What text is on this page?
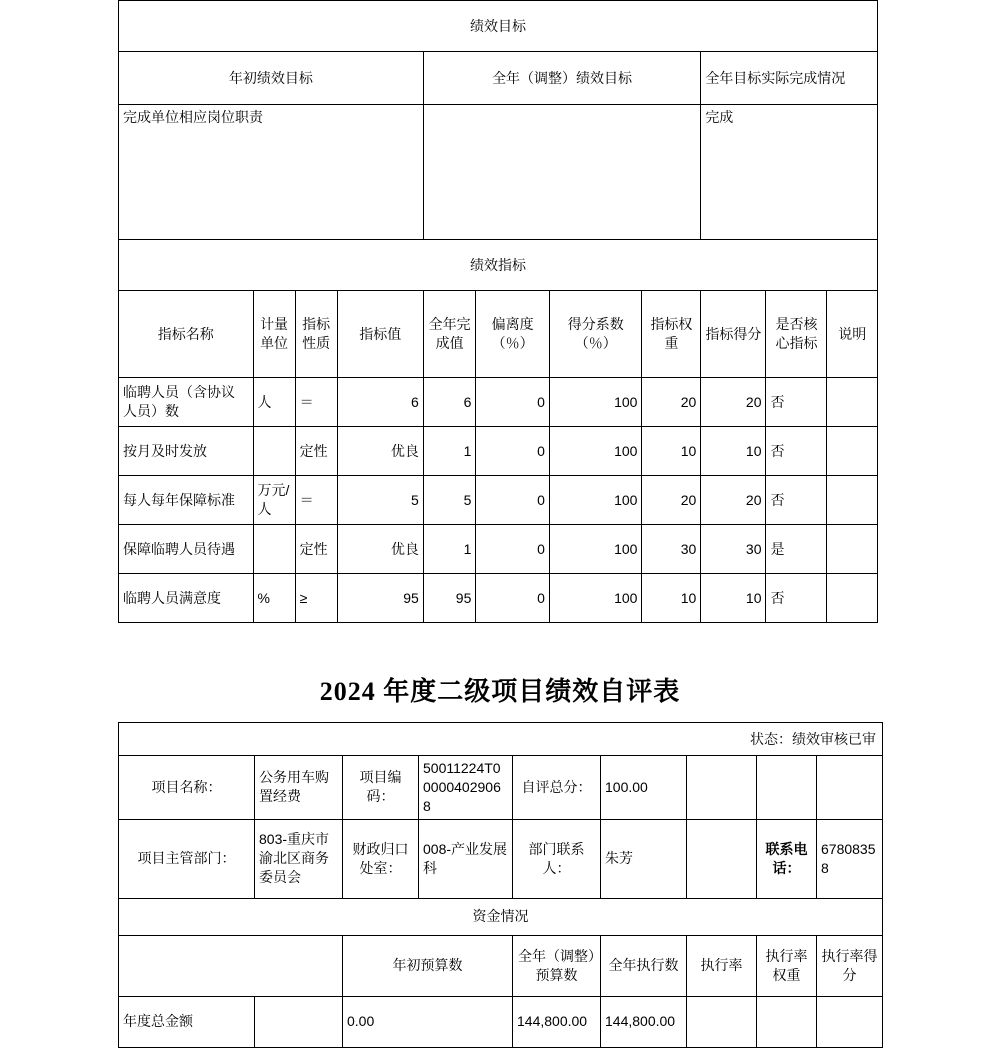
绩效目标										
年初绩效目标				全年（调整）绩效目标				全年目标实际完成情况		
完成单位相应岗位职责								完成		
绩效指标										
指标名称	计量单位	指标性质	指标值	全年完成值	偏离度（％）	得分系数（％）	指标权重	指标得分	是否核心指标	说明
临聘人员（含协议人员）数	人	＝	6	6	0	100	20	20	否	
按月及时发放		定性	优良	1	0	100	10	10	否	
每人每年保障标准	万元/人	＝	5	5	0	100	20	20	否	
保障临聘人员待遇		定性	优良	1	0	100	30	30	是	
临聘人员满意度	%	≥	95	95	0	100	10	10	否	
2024 年度二级项目绩效自评表
状态：绩效审核已审								
项目名称：	公务用车购置经费	项目编码：	50011224T000004029068	自评总分：	100.00			
项目主管部门：	803-重庆市渝北区商务委员会	财政归口处室：	008-产业发展科	部门联系人：	朱芳		联系电话：	67808358
资金情况								
		年初预算数		全年（调整）预算数	全年执行数	执行率	执行率权重	执行率得分
年度总金额		0.00		144,800.00	144,800.00			
